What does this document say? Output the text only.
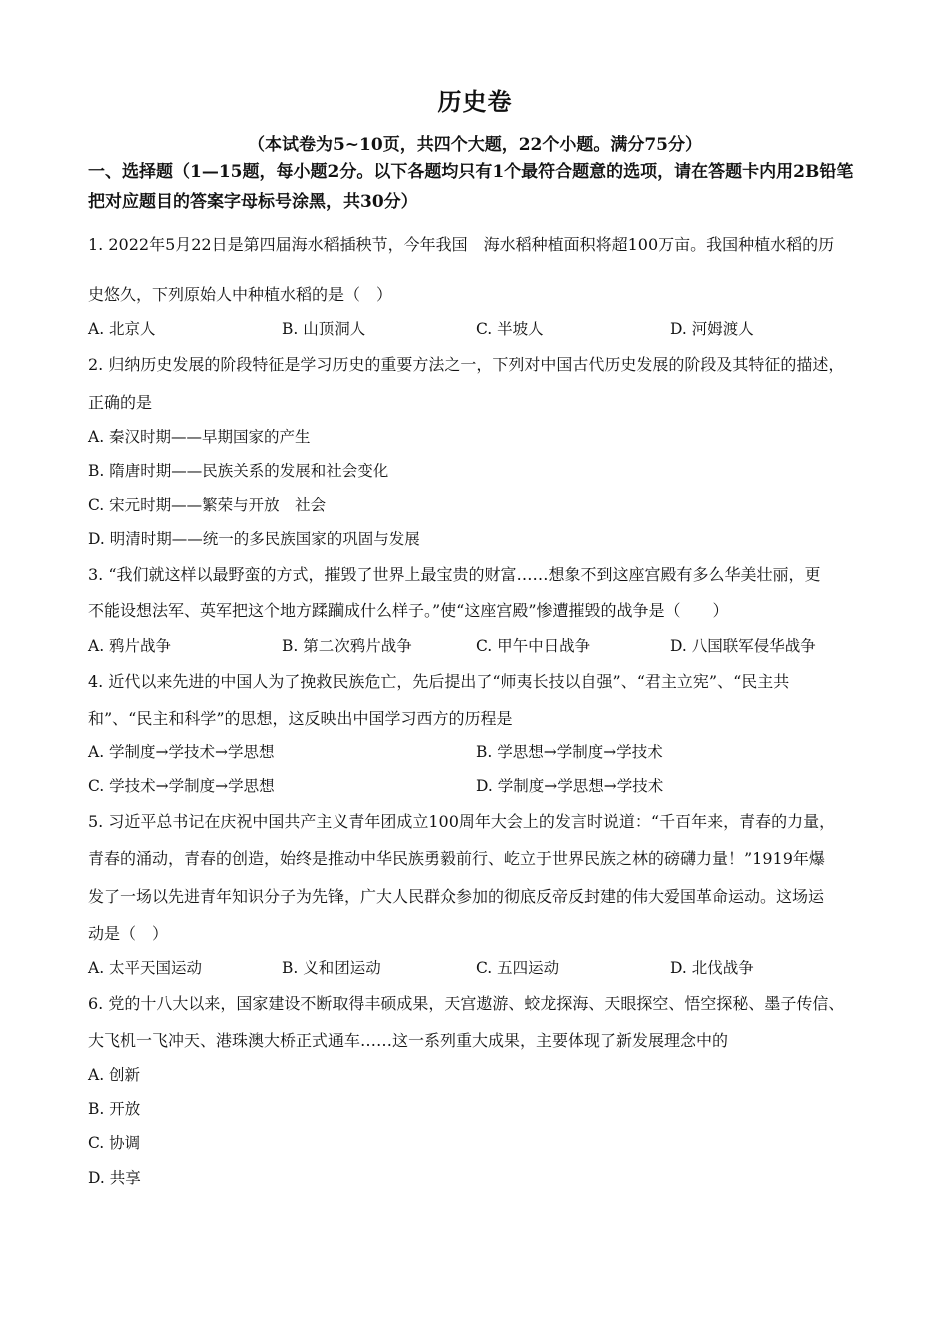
历史卷
（本试卷为5~10页，共四个大题，22个小题。满分75分）
一、选择题（1—15题，每小题2分。以下各题均只有1个最符合题意的选项，请在答题卡内用2B铅笔把对应题目的答案字母标号涂黑，共30分）
1. 2022年5月22日是第四届海水稻插秧节，今年我国　海水稻种植面积将超100万亩。我国种植水稻的历
史悠久，下列原始人中种植水稻的是（　）
A. 北京人	B. 山顶洞人	C. 半坡人	D. 河姆渡人
2. 归纳历史发展的阶段特征是学习历史的重要方法之一，下列对中国古代历史发展的阶段及其特征的描述，
正确的是
A. 秦汉时期——早期国家的产生
B. 隋唐时期——民族关系的发展和社会变化
C. 宋元时期——繁荣与开放　社会
D. 明清时期——统一的多民族国家的巩固与发展
3. “我们就这样以最野蛮的方式，摧毁了世界上最宝贵的财富……想象不到这座宫殿有多么华美壮丽，更
不能设想法军、英军把这个地方蹂躏成什么样子。”使“这座宫殿”惨遭摧毁的战争是（　　）
A. 鸦片战争	B. 第二次鸦片战争	C. 甲午中日战争	D. 八国联军侵华战争
4. 近代以来先进的中国人为了挽救民族危亡，先后提出了“师夷长技以自强”、“君主立宪”、“民主共
和”、“民主和科学”的思想，这反映出中国学习西方的历程是
A. 学制度→学技术→学思想	B. 学思想→学制度→学技术
C. 学技术→学制度→学思想	D. 学制度→学思想→学技术
5. 习近平总书记在庆祝中国共产主义青年团成立100周年大会上的发言时说道：“千百年来，青春的力量，
青春的涌动，青春的创造，始终是推动中华民族勇毅前行、屹立于世界民族之林的磅礴力量！”1919年爆
发了一场以先进青年知识分子为先锋，广大人民群众参加的彻底反帝反封建的伟大爱国革命运动。这场运
动是（　）
A. 太平天国运动	B. 义和团运动	C. 五四运动	D. 北伐战争
6. 党的十八大以来，国家建设不断取得丰硕成果，天宫遨游、蛟龙探海、天眼探空、悟空探秘、墨子传信、
大飞机一飞冲天、港珠澳大桥正式通车……这一系列重大成果，主要体现了新发展理念中的
A. 创新
B. 开放
C. 协调
D. 共享
